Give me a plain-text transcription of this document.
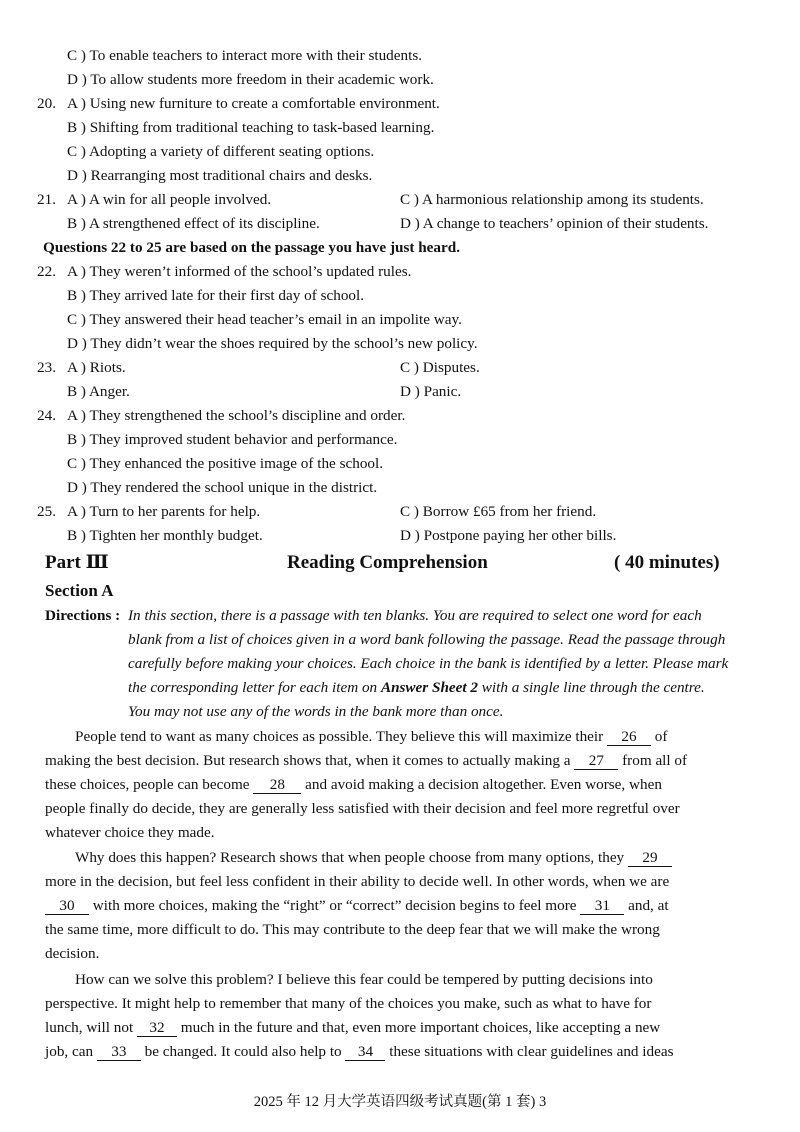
C ) To enable teachers to interact more with their students.
D ) To allow students more freedom in their academic work.
20. A ) Using new furniture to create a comfortable environment.
B ) Shifting from traditional teaching to task-based learning.
C ) Adopting a variety of different seating options.
D ) Rearranging most traditional chairs and desks.
21. A ) A win for all people involved.	C ) A harmonious relationship among its students.
B ) A strengthened effect of its discipline.	D ) A change to teachers’ opinion of their students.
Questions 22 to 25 are based on the passage you have just heard.
22. A ) They weren’t informed of the school’s updated rules.
B ) They arrived late for their first day of school.
C ) They answered their head teacher’s email in an impolite way.
D ) They didn’t wear the shoes required by the school’s new policy.
23. A ) Riots.	C ) Disputes.
B ) Anger.	D ) Panic.
24. A ) They strengthened the school’s discipline and order.
B ) They improved student behavior and performance.
C ) They enhanced the positive image of the school.
D ) They rendered the school unique in the district.
25. A ) Turn to her parents for help.	C ) Borrow £65 from her friend.
B ) Tighten her monthly budget.	D ) Postpone paying her other bills.
Part Ⅲ	Reading Comprehension	( 40 minutes)
Section A
Directions : In this section, there is a passage with ten blanks. You are required to select one word for each
blank from a list of choices given in a word bank following the passage. Read the passage through
carefully before making your choices. Each choice in the bank is identified by a letter. Please mark
the corresponding letter for each item on Answer Sheet 2 with a single line through the centre.
You may not use any of the words in the bank more than once.
People tend to want as many choices as possible. They believe this will maximize their 26 of
making the best decision. But research shows that, when it comes to actually making a 27 from all of
these choices, people can become 28 and avoid making a decision altogether. Even worse, when
people finally do decide, they are generally less satisfied with their decision and feel more regretful over
whatever choice they made.
Why does this happen? Research shows that when people choose from many options, they 29
more in the decision, but feel less confident in their ability to decide well. In other words, when we are
30 with more choices, making the “right” or “correct” decision begins to feel more 31 and, at
the same time, more difficult to do. This may contribute to the deep fear that we will make the wrong
decision.
How can we solve this problem? I believe this fear could be tempered by putting decisions into
perspective. It might help to remember that many of the choices you make, such as what to have for
lunch, will not 32 much in the future and that, even more important choices, like accepting a new
job, can 33 be changed. It could also help to 34 these situations with clear guidelines and ideas
2025 年 12 月大学英语四级考试真题(第 1 套) 3
